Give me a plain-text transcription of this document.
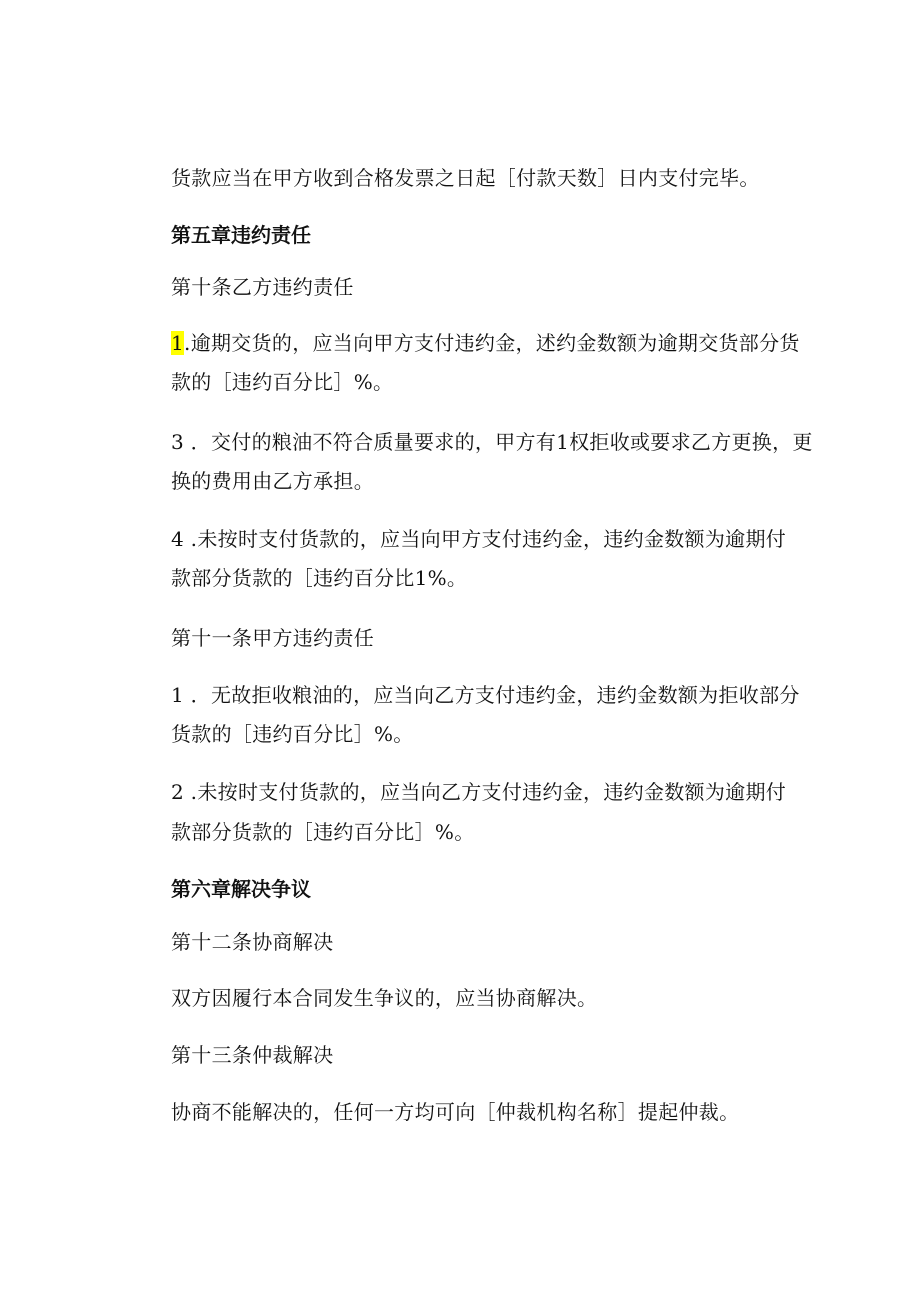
货款应当在甲方收到合格发票之日起［付款天数］日内支付完毕。
第五章违约责任
第十条乙方违约责任
1.逾期交货的，应当向甲方支付违约金，述约金数额为逾期交货部分货
款的［违约百分比］%。
3 ．交付的粮油不符合质量要求的，甲方有1权拒收或要求乙方更换，更
换的费用由乙方承担。
4 .未按时支付货款的，应当向甲方支付违约金，违约金数额为逾期付
款部分货款的［违约百分比1%。
第十一条甲方违约责任
1 ．无故拒收粮油的，应当向乙方支付违约金，违约金数额为拒收部分
货款的［违约百分比］%。
2 .未按时支付货款的，应当向乙方支付违约金，违约金数额为逾期付
款部分货款的［违约百分比］%。
第六章解决争议
第十二条协商解决
双方因履行本合同发生争议的，应当协商解决。
第十三条仲裁解决
协商不能解决的，任何一方均可向［仲裁机构名称］提起仲裁。
